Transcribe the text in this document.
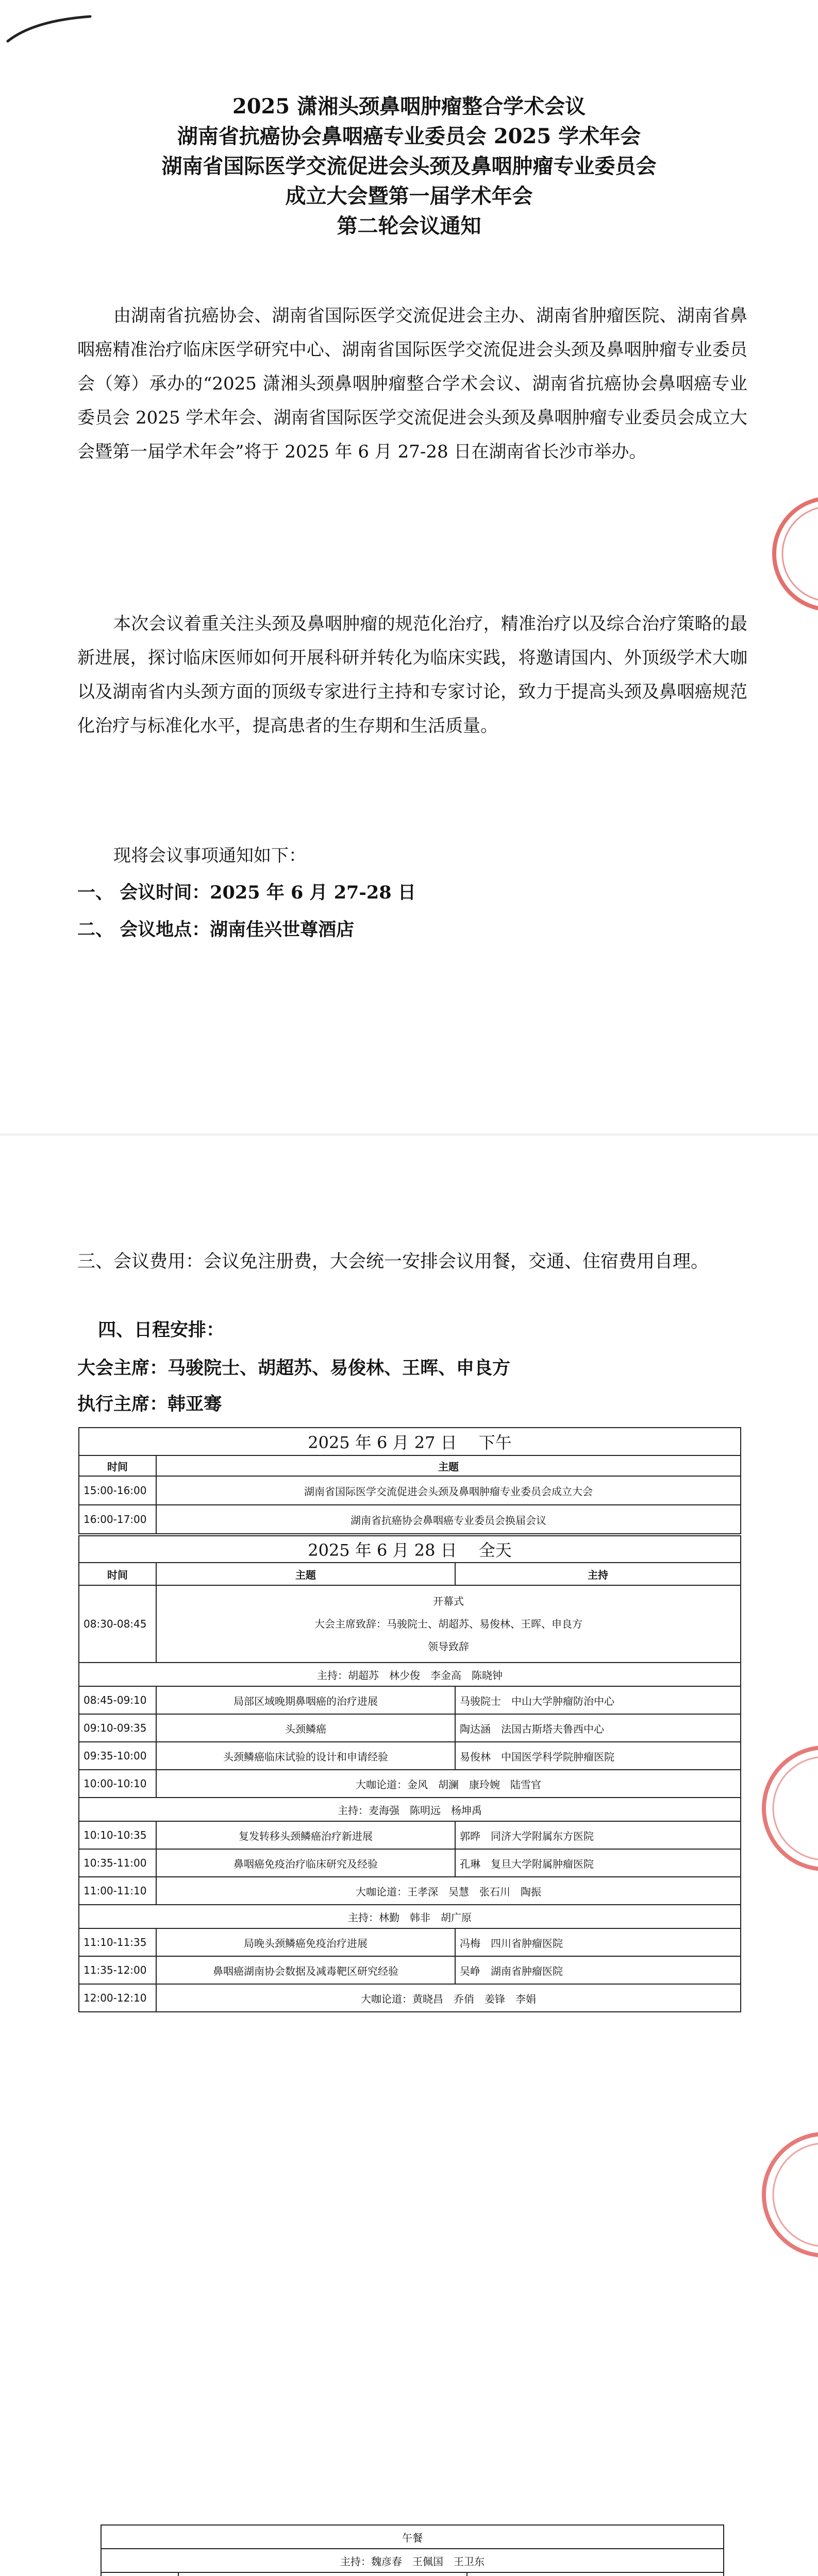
2025 潇湘头颈鼻咽肿瘤整合学术会议
湖南省抗癌协会鼻咽癌专业委员会 2025 学术年会
湖南省国际医学交流促进会头颈及鼻咽肿瘤专业委员会
成立大会暨第一届学术年会
第二轮会议通知
由湖南省抗癌协会、湖南省国际医学交流促进会主办、湖南省肿瘤医院、湖南省鼻咽癌精准治疗临床医学研究中心、湖南省国际医学交流促进会头颈及鼻咽肿瘤专业委员会（筹）承办的“2025 潇湘头颈鼻咽肿瘤整合学术会议、湖南省抗癌协会鼻咽癌专业委员会 2025 学术年会、湖南省国际医学交流促进会头颈及鼻咽肿瘤专业委员会成立大会暨第一届学术年会”将于 2025 年 6 月 27-28 日在湖南省长沙市举办。
本次会议着重关注头颈及鼻咽肿瘤的规范化治疗，精准治疗以及综合治疗策略的最新进展，探讨临床医师如何开展科研并转化为临床实践，将邀请国内、外顶级学术大咖以及湖南省内头颈方面的顶级专家进行主持和专家讨论，致力于提高头颈及鼻咽癌规范化治疗与标准化水平，提高患者的生存期和生活质量。
现将会议事项通知如下：
一、 会议时间：2025 年 6 月 27-28 日
二、 会议地点：湖南佳兴世尊酒店
三、会议费用：会议免注册费，大会统一安排会议用餐，交通、住宿费用自理。
四、日程安排：
大会主席：马骏院士、胡超苏、易俊林、王晖、申良方
执行主席：韩亚骞
2025 年 6 月 27 日　 下午	
时间	主题
15:00-16:00	湖南省国际医学交流促进会头颈及鼻咽肿瘤专业委员会成立大会
16:00-17:00	湖南省抗癌协会鼻咽癌专业委员会换届会议
2025 年 6 月 28 日　 全天		
时间	主题	主持
08:30-08:45	开幕式
大会主席致辞：马骏院士、胡超苏、易俊林、王晖、申良方
领导致辞	

主持：胡超苏　林少俊　李金高　陈晓钟		
08:45-09:10	局部区域晚期鼻咽癌的治疗进展	马骏院士　中山大学肿瘤防治中心
09:10-09:35	头颈鳞癌	陶达涵　法国古斯塔夫鲁西中心
09:35-10:00	头颈鳞癌临床试验的设计和申请经验	易俊林　中国医学科学院肿瘤医院
10:00-10:10	大咖论道：金风　胡澜　康玲婉　陆雪官	
主持：麦海强　陈明远　杨坤禹		
10:10-10:35	复发转移头颈鳞癌治疗新进展	郭晔　同济大学附属东方医院
10:35-11:00	鼻咽癌免疫治疗临床研究及经验	孔琳　复旦大学附属肿瘤医院
11:00-11:10	大咖论道：王孝深　吴慧　张石川　陶振	
主持：林勤　韩非　胡广原		
11:10-11:35	局晚头颈鳞癌免疫治疗进展	冯梅　四川省肿瘤医院
11:35-12:00	鼻咽癌湖南协会数据及减毒靶区研究经验	吴峥　湖南省肿瘤医院
12:00-12:10	大咖论道：黄晓昌　乔俏　姜锋　李娟	
午餐		
主持：魏彦春　王佩国　王卫东		
